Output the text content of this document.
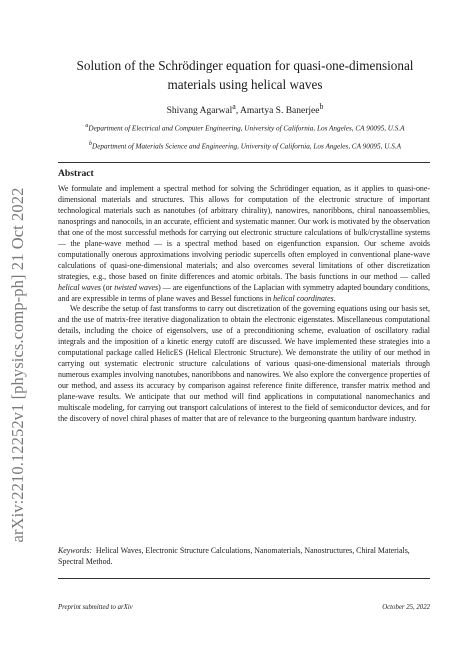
arXiv:2210.12252v1 [physics.comp-ph] 21 Oct 2022
Solution of the Schrödinger equation for quasi-one-dimensional
materials using helical waves

Shivang Agarwal$^a$, Amartya S. Banerjee$^b$

$^a$Department of Electrical and Computer Engineering, University of California, Los Angeles, CA 90095, U.S.A

$^b$Department of Materials Science and Engineering, University of California, Los Angeles, CA 90095, U.S.A

Abstract

We formulate and implement a spectral method for solving the Schrödinger equation, as it applies to quasi-one-dimensional materials and structures. This allows for computation of the electronic structure of important technological materials such as nanotubes (of arbitrary chirality), nanowires, nanoribbons, chiral nanoassemblies, nanosprings and nanocoils, in an accurate, efficient and systematic manner. Our work is motivated by the observation that one of the most successful methods for carrying out electronic structure calculations of bulk/crystalline systems — the plane-wave method — is a spectral method based on eigenfunction expansion. Our scheme avoids computationally onerous approximations involving periodic supercells often employed in conventional plane-wave calculations of quasi-one-dimensional materials; and also overcomes several limitations of other discretization strategies, e.g., those based on finite differences and atomic orbitals. The basis functions in our method — called helical waves (or twisted waves) — are eigenfunctions of the Laplacian with symmetry adapted boundary conditions, and are expressible in terms of plane waves and Bessel functions in helical coordinates.

We describe the setup of fast transforms to carry out discretization of the governing equations using our basis set, and the use of matrix-free iterative diagonalization to obtain the electronic eigenstates. Miscellaneous computational details, including the choice of eigensolvers, use of a preconditioning scheme, evaluation of oscillatory radial integrals and the imposition of a kinetic energy cutoff are discussed. We have implemented these strategies into a computational package called HelicES (Helical Electronic Structure). We demonstrate the utility of our method in carrying out systematic electronic structure calculations of various quasi-one-dimensional materials through numerous examples involving nanotubes, nanoribbons and nanowires. We also explore the convergence properties of our method, and assess its accuracy by comparison against reference finite difference, transfer matrix method and plane-wave results. We anticipate that our method will find applications in computational nanomechanics and multiscale modeling, for carrying out transport calculations of interest to the field of semiconductor devices, and for the discovery of novel chiral phases of matter that are of relevance to the burgeoning quantum hardware industry.

Keywords: Helical Waves, Electronic Structure Calculations, Nanomaterials, Nanostructures, Chiral Materials, Spectral Method.

Preprint submitted to arXiv	October 25, 2022
